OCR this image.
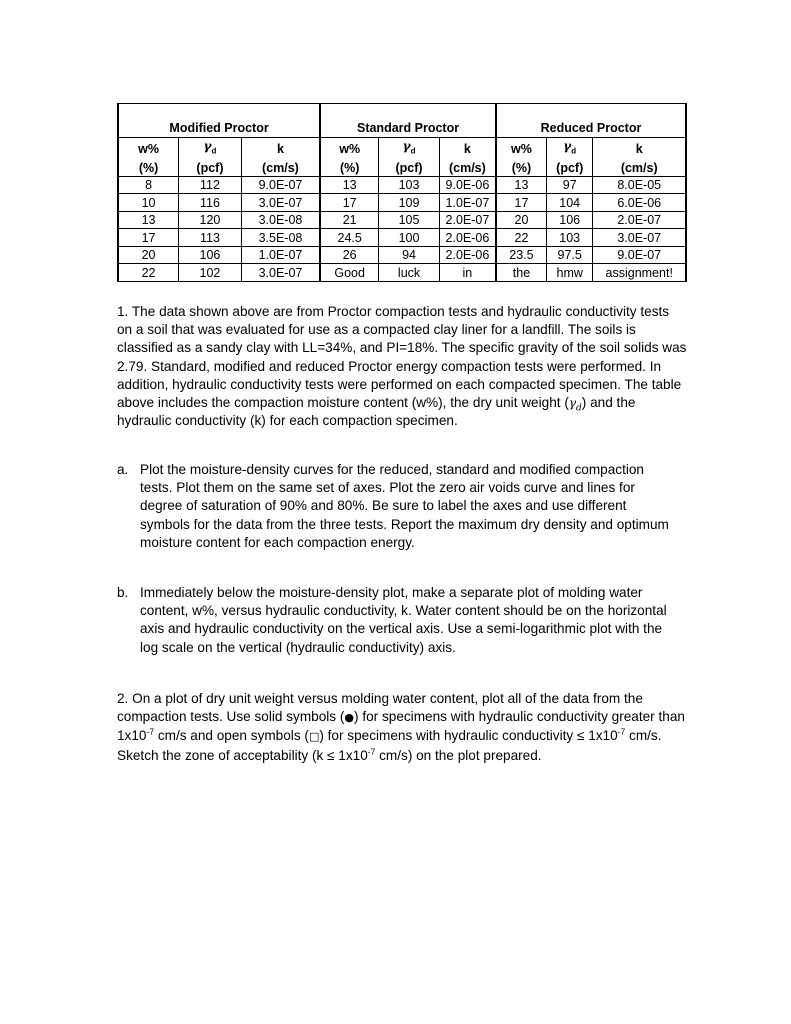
Modified Proctor			Standard Proctor			Reduced Proctor		
w%	$\gamma_d$	k	w%	$\gamma_d$	k	w%	$\gamma_d$	k
(%)	(pcf)	(cm/s)	(%)	(pcf)	(cm/s)	(%)	(pcf)	(cm/s)
8	112	9.0E-07	13	103	9.0E-06	13	97	8.0E-05
10	116	3.0E-07	17	109	1.0E-07	17	104	6.0E-06
13	120	3.0E-08	21	105	2.0E-07	20	106	2.0E-07
17	113	3.5E-08	24.5	100	2.0E-06	22	103	3.0E-07
20	106	1.0E-07	26	94	2.0E-06	23.5	97.5	9.0E-07
22	102	3.0E-07	Good	luck	in	the	hmw	assignment!
1. The data shown above are from Proctor compaction tests and hydraulic conductivity tests on a soil that was evaluated for use as a compacted clay liner for a landfill. The soils is classified as a sandy clay with LL=34%, and PI=18%. The specific gravity of the soil solids was 2.79. Standard, modified and reduced Proctor energy compaction tests were performed. In addition, hydraulic conductivity tests were performed on each compacted specimen. The table above includes the compaction moisture content (w%), the dry unit weight $(\gamma_d)$ and the hydraulic conductivity (k) for each compaction specimen.
a. Plot the moisture-density curves for the reduced, standard and modified compaction tests. Plot them on the same set of axes. Plot the zero air voids curve and lines for degree of saturation of 90% and 80%. Be sure to label the axes and use different symbols for the data from the three tests. Report the maximum dry density and optimum moisture content for each compaction energy.
b. Immediately below the moisture-density plot, make a separate plot of molding water content, w%, versus hydraulic conductivity, k. Water content should be on the horizontal axis and hydraulic conductivity on the vertical axis. Use a semi-logarithmic plot with the log scale on the vertical (hydraulic conductivity) axis.
2. On a plot of dry unit weight versus molding water content, plot all of the data from the compaction tests. Use solid symbols (●) for specimens with hydraulic conductivity greater than $1x10^{-7}$ cm/s and open symbols (□) for specimens with hydraulic conductivity ≤ $1x10^{-7}$ cm/s. Sketch the zone of acceptability ($k \le 1x10^{-7}$ cm/s) on the plot prepared.
